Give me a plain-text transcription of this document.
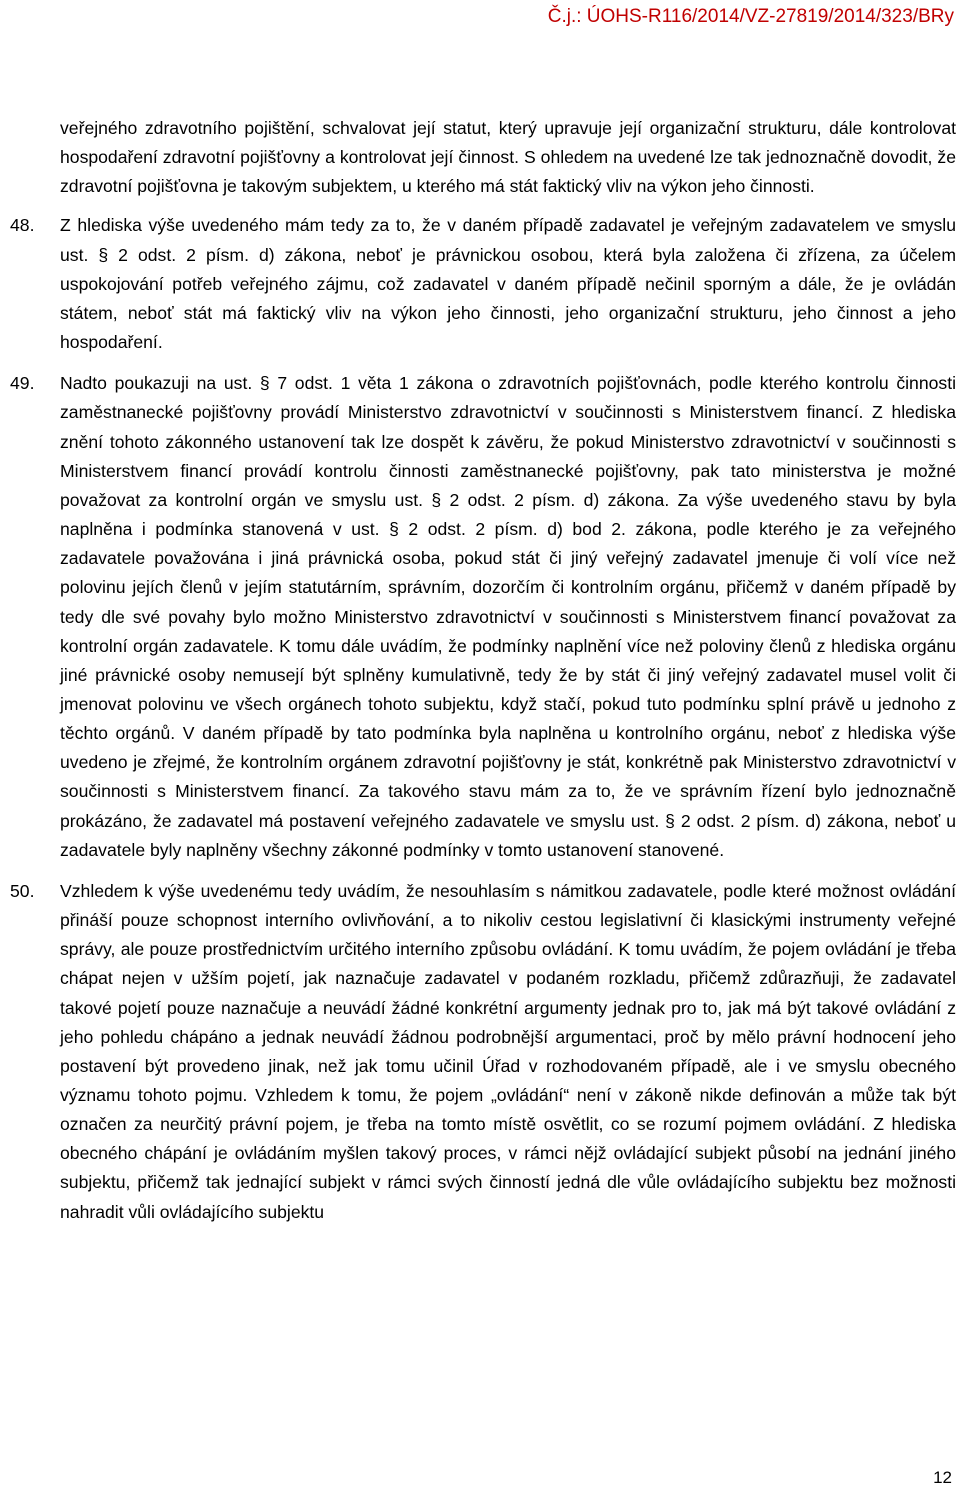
Č.j.: ÚOHS-R116/2014/VZ-27819/2014/323/BRy

veřejného zdravotního pojištění, schvalovat její statut, který upravuje její organizační strukturu, dále kontrolovat hospodaření zdravotní pojišťovny a kontrolovat její činnost. S ohledem na uvedené lze tak jednoznačně dovodit, že zdravotní pojišťovna je takovým subjektem, u kterého má stát faktický vliv na výkon jeho činnosti.

48. Z hlediska výše uvedeného mám tedy za to, že v daném případě zadavatel je veřejným zadavatelem ve smyslu ust. § 2 odst. 2 písm. d) zákona, neboť je právnickou osobou, která byla založena či zřízena, za účelem uspokojování potřeb veřejného zájmu, což zadavatel v daném případě nečinil sporným a dále, že je ovládán státem, neboť stát má faktický vliv na výkon jeho činnosti, jeho organizační strukturu, jeho činnost a jeho hospodaření.

49. Nadto poukazuji na ust. § 7 odst. 1 věta 1 zákona o zdravotních pojišťovnách, podle kterého kontrolu činnosti zaměstnanecké pojišťovny provádí Ministerstvo zdravotnictví v součinnosti s Ministerstvem financí. Z hlediska znění tohoto zákonného ustanovení tak lze dospět k závěru, že pokud Ministerstvo zdravotnictví v součinnosti s Ministerstvem financí provádí kontrolu činnosti zaměstnanecké pojišťovny, pak tato ministerstva je možné považovat za kontrolní orgán ve smyslu ust. § 2 odst. 2 písm. d) zákona. Za výše uvedeného stavu by byla naplněna i podmínka stanovená v ust. § 2 odst. 2 písm. d) bod 2. zákona, podle kterého je za veřejného zadavatele považována i jiná právnická osoba, pokud stát či jiný veřejný zadavatel jmenuje či volí více než polovinu jejích členů v jejím statutárním, správním, dozorčím či kontrolním orgánu, přičemž v daném případě by tedy dle své povahy bylo možno Ministerstvo zdravotnictví v součinnosti s Ministerstvem financí považovat za kontrolní orgán zadavatele. K tomu dále uvádím, že podmínky naplnění více než poloviny členů z hlediska orgánu jiné právnické osoby nemusejí být splněny kumulativně, tedy že by stát či jiný veřejný zadavatel musel volit či jmenovat polovinu ve všech orgánech tohoto subjektu, když stačí, pokud tuto podmínku splní právě u jednoho z těchto orgánů. V daném případě by tato podmínka byla naplněna u kontrolního orgánu, neboť z hlediska výše uvedeno je zřejmé, že kontrolním orgánem zdravotní pojišťovny je stát, konkrétně pak Ministerstvo zdravotnictví v součinnosti s Ministerstvem financí. Za takového stavu mám za to, že ve správním řízení bylo jednoznačně prokázáno, že zadavatel má postavení veřejného zadavatele ve smyslu ust. § 2 odst. 2 písm. d) zákona, neboť u zadavatele byly naplněny všechny zákonné podmínky v tomto ustanovení stanovené.

50. Vzhledem k výše uvedenému tedy uvádím, že nesouhlasím s námitkou zadavatele, podle které možnost ovládání přináší pouze schopnost interního ovlivňování, a to nikoliv cestou legislativní či klasickými instrumenty veřejné správy, ale pouze prostřednictvím určitého interního způsobu ovládání. K tomu uvádím, že pojem ovládání je třeba chápat nejen v užším pojetí, jak naznačuje zadavatel v podaném rozkladu, přičemž zdůrazňuji, že zadavatel takové pojetí pouze naznačuje a neuvádí žádné konkrétní argumenty jednak pro to, jak má být takové ovládání z jeho pohledu chápáno a jednak neuvádí žádnou podrobnější argumentaci, proč by mělo právní hodnocení jeho postavení být provedeno jinak, než jak tomu učinil Úřad v rozhodovaném případě, ale i ve smyslu obecného významu tohoto pojmu. Vzhledem k tomu, že pojem „ovládání“ není v zákoně nikde definován a může tak být označen za neurčitý právní pojem, je třeba na tomto místě osvětlit, co se rozumí pojmem ovládání. Z hlediska obecného chápání je ovládáním myšlen takový proces, v rámci nějž ovládající subjekt působí na jednání jiného subjektu, přičemž tak jednající subjekt v rámci svých činností jedná dle vůle ovládajícího subjektu bez možnosti nahradit vůli ovládajícího subjektu

12
